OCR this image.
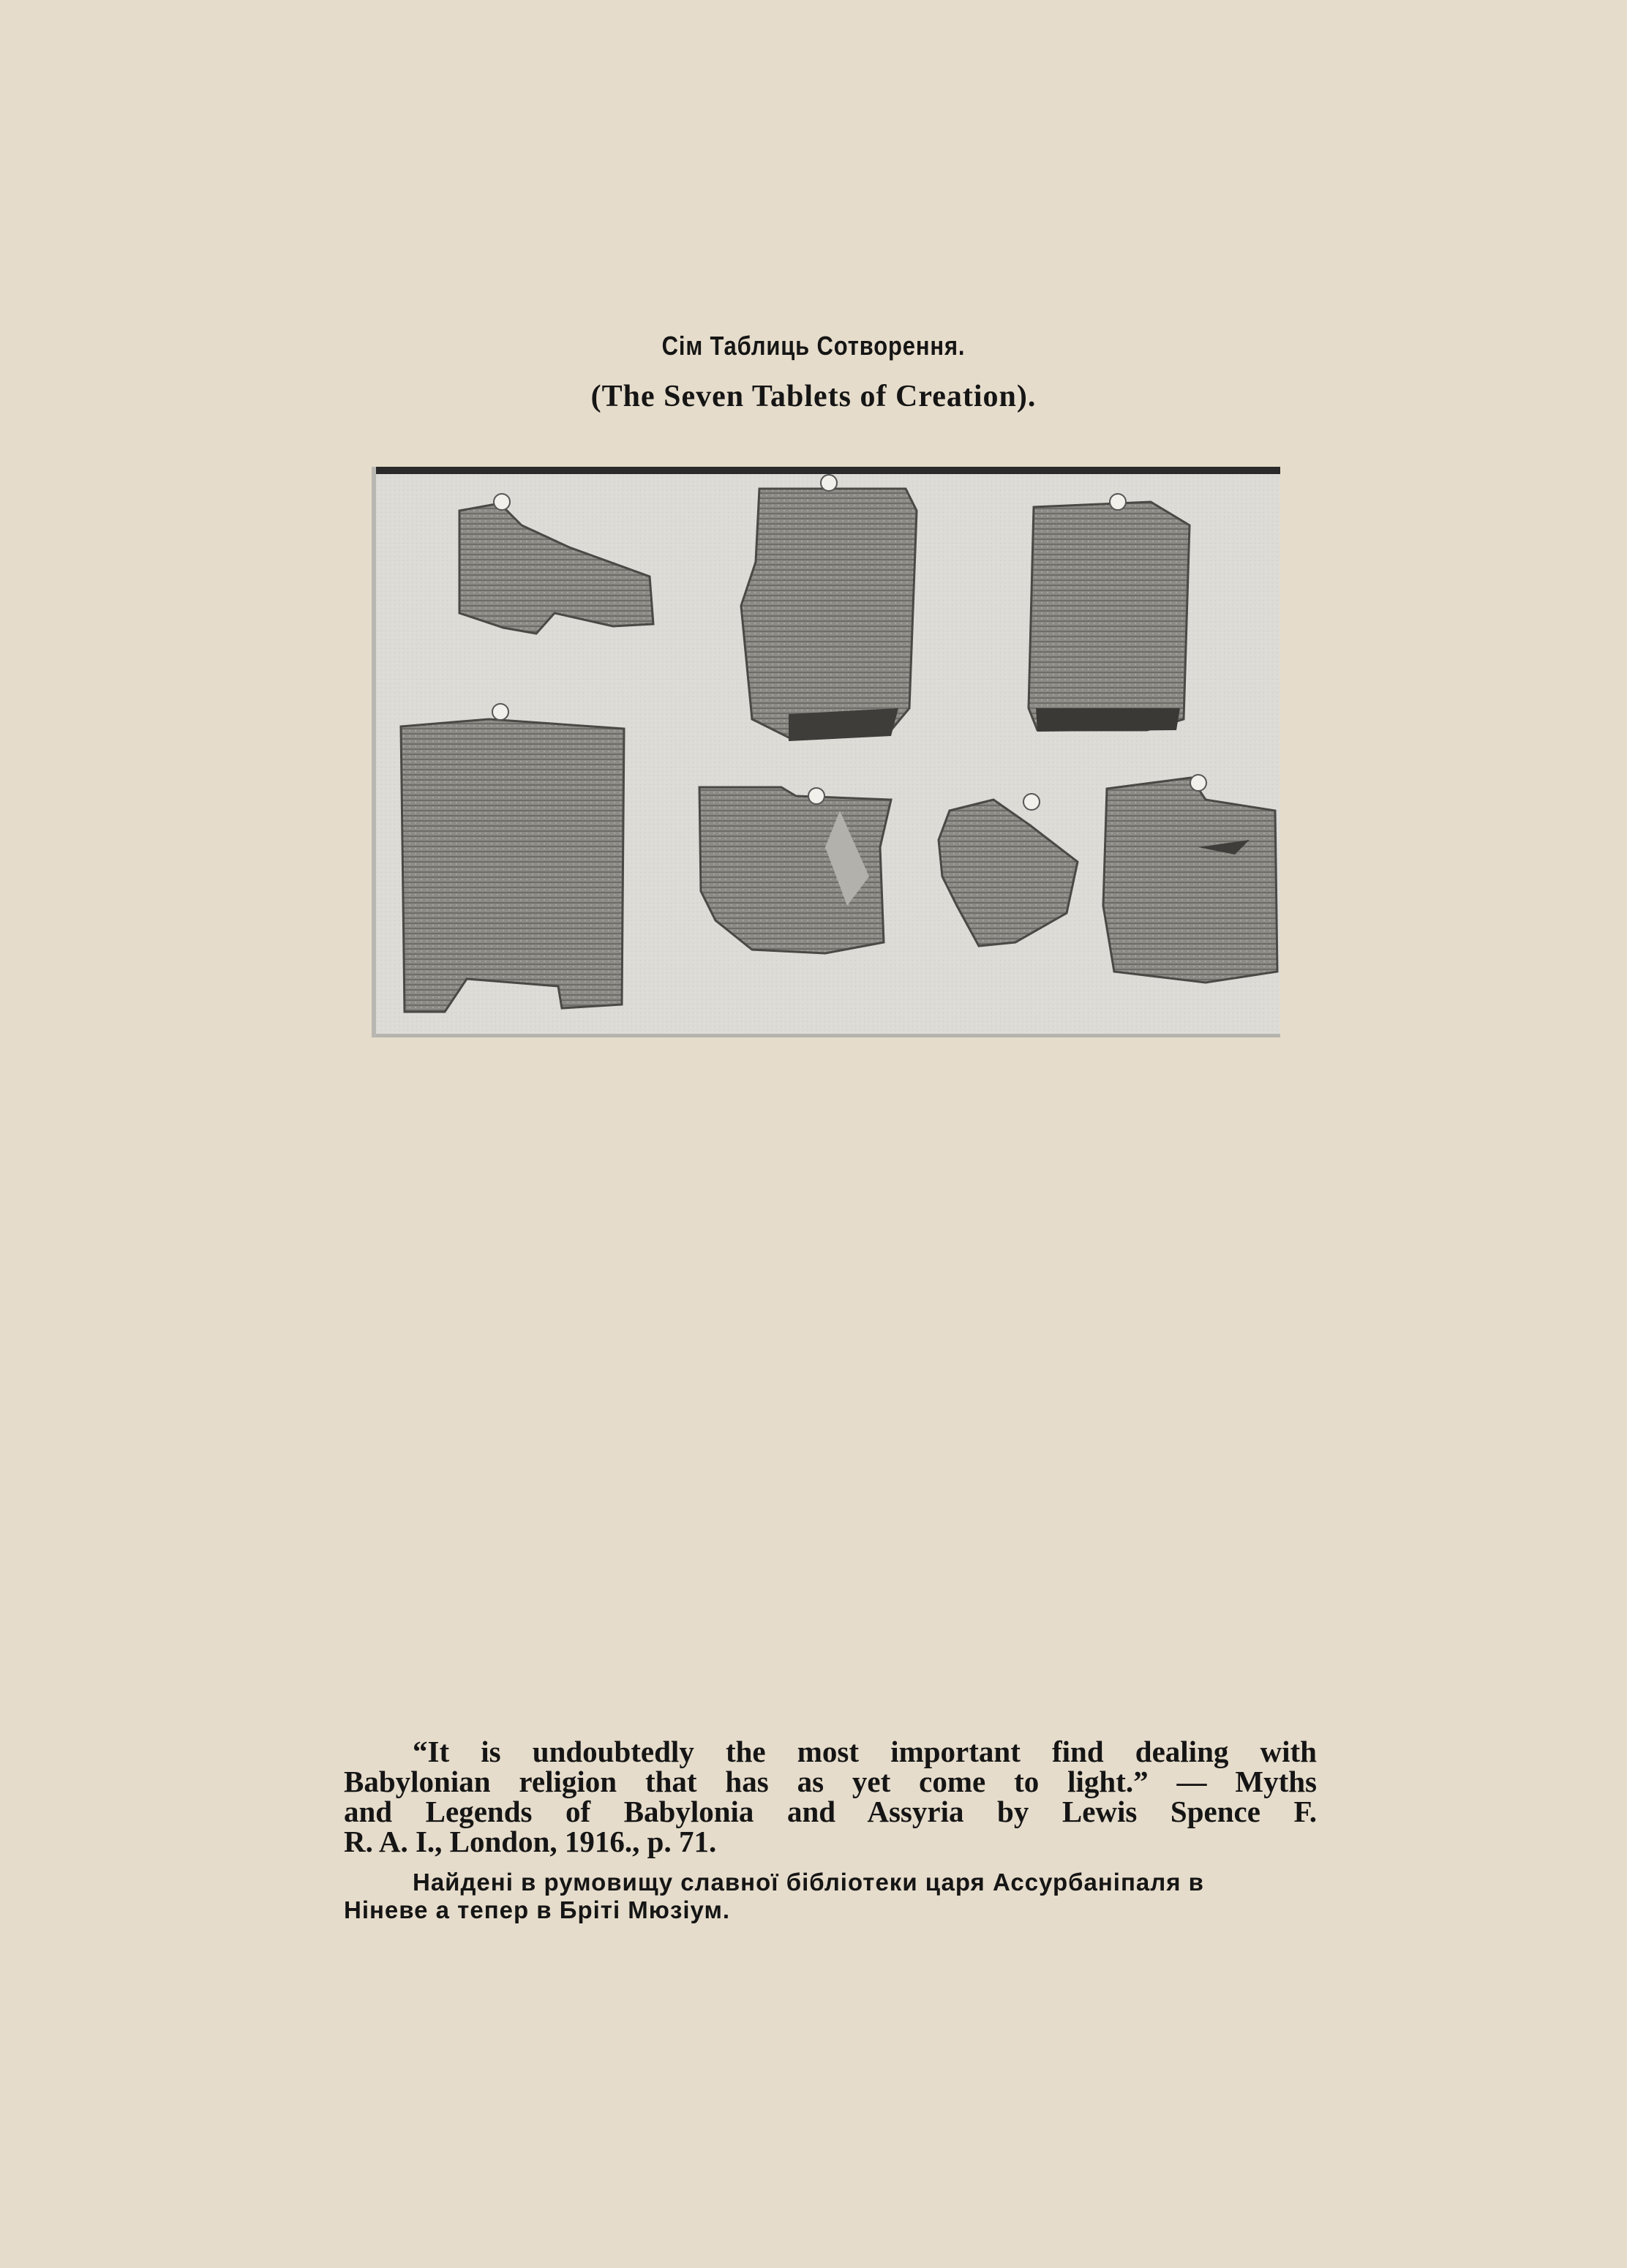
Сім Таблиць Сотворення.
(The Seven Tablets of Creation).
“It is undoubtedly the most important find dealing with
Babylonian religion that has as yet come to light.” — Myths
and Legends of Babylonia and Assyria by Lewis Spence F.
R. A. I., London, 1916., p. 71.
Найдені в румовищу славної бібліотеки царя Ассурбаніпаля в
Ніневе а тепер в Бріті Мюзіум.
